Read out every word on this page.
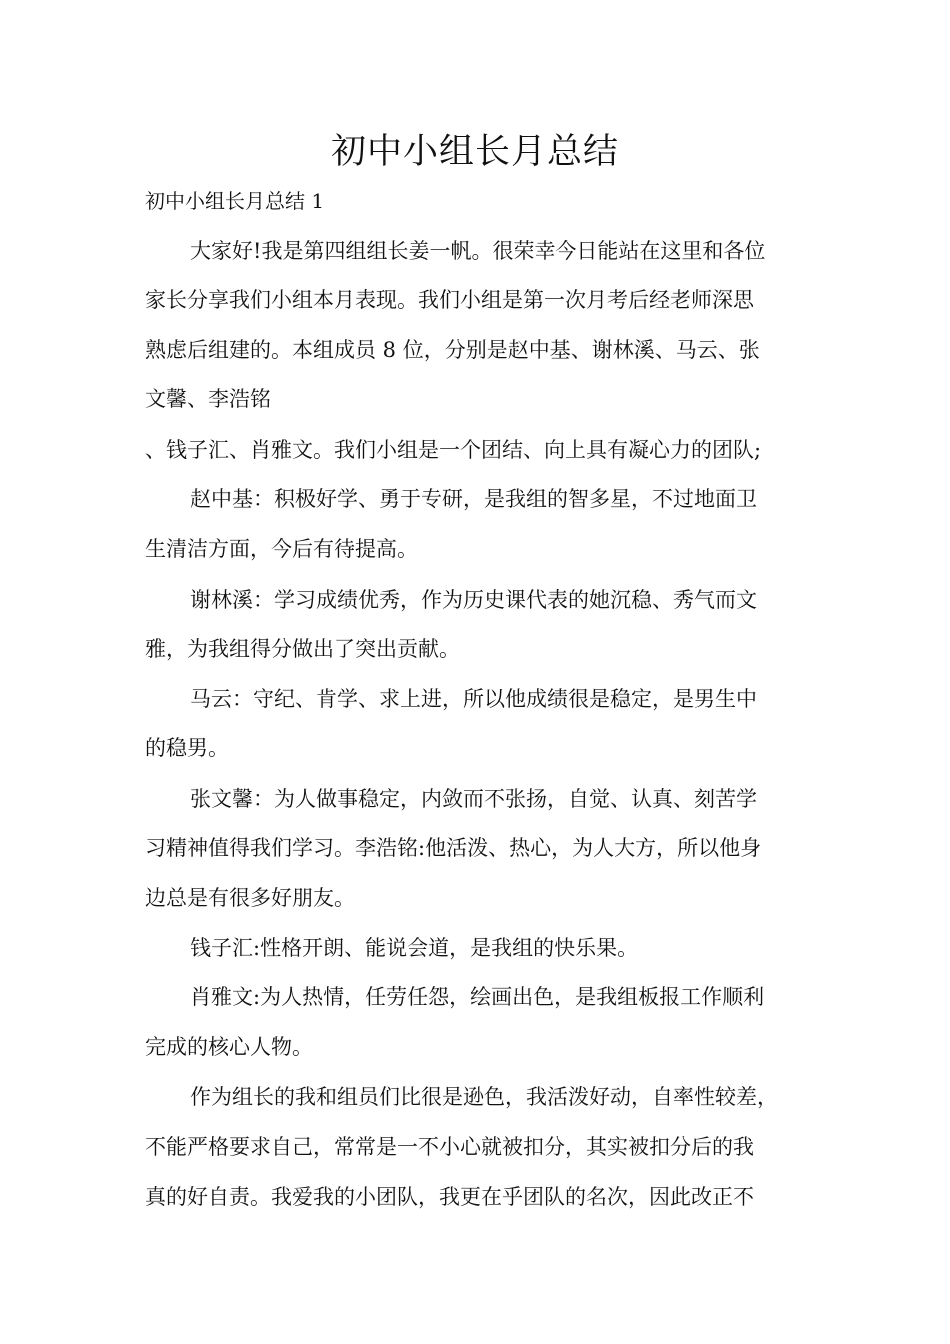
初中小组长月总结

初中小组长月总结 1

大家好!我是第四组组长姜一帆。很荣幸今日能站在这里和各位

家长分享我们小组本月表现。我们小组是第一次月考后经老师深思

熟虑后组建的。本组成员 8 位，分别是赵中基、谢林溪、马云、张

文馨、李浩铭

、钱子汇、肖雅文。我们小组是一个团结、向上具有凝心力的团队;

赵中基：积极好学、勇于专研，是我组的智多星，不过地面卫

生清洁方面，今后有待提高。

谢林溪：学习成绩优秀，作为历史课代表的她沉稳、秀气而文

雅，为我组得分做出了突出贡献。

马云：守纪、肯学、求上进，所以他成绩很是稳定，是男生中

的稳男。

张文馨：为人做事稳定，内敛而不张扬，自觉、认真、刻苦学

习精神值得我们学习。李浩铭:他活泼、热心，为人大方，所以他身

边总是有很多好朋友。

钱子汇:性格开朗、能说会道，是我组的快乐果。

肖雅文:为人热情，任劳任怨，绘画出色，是我组板报工作顺利

完成的核心人物。

作为组长的我和组员们比很是逊色，我活泼好动，自率性较差，

不能严格要求自己，常常是一不小心就被扣分，其实被扣分后的我

真的好自责。我爱我的小团队，我更在乎团队的名次，因此改正不
